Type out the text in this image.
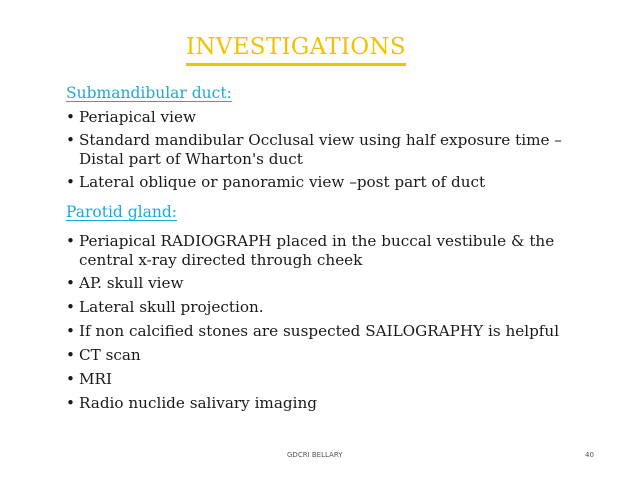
INVESTIGATIONS
Submandibular duct:
• Periapical view
• Standard mandibular Occlusal view using half exposure time –
Distal part of Wharton's duct
• Lateral oblique or panoramic view –post part of duct
Parotid gland:
• Periapical RADIOGRAPH placed in the buccal vestibule & the
central x-ray directed through cheek
• AP. skull view
• Lateral skull projection.
• If non calcified stones are suspected SAILOGRAPHY is helpful
• CT scan
• MRI
• Radio nuclide salivary imaging
GDCRI BELLARY	40
